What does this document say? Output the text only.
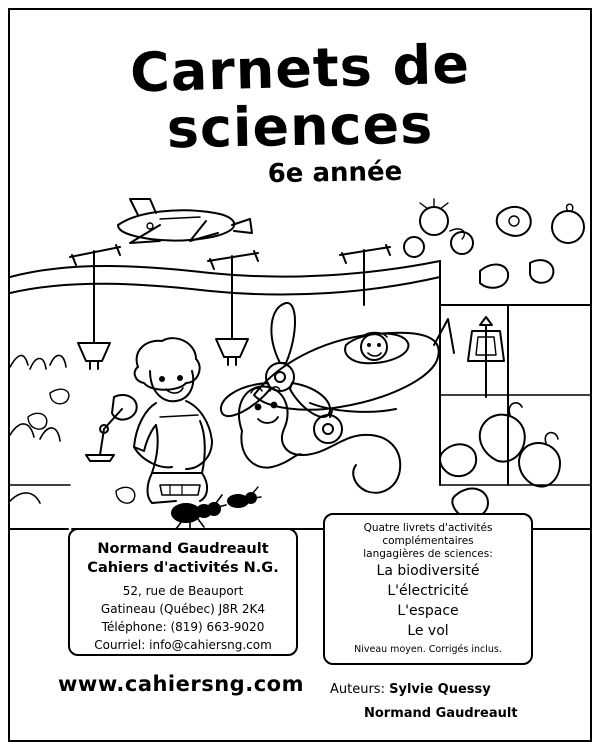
Carnets de
sciences
6e année
Normand Gaudreault
Cahiers d'activités N.G.
52, rue de Beauport
Gatineau (Québec) J8R 2K4
Téléphone: (819) 663-9020
Courriel: info@cahiersng.com
Quatre livrets d'activités
complémentaires
langagières de sciences:
La biodiversité
L'électricité
L'espace
Le vol
Niveau moyen. Corrigés inclus.
www.cahiersng.com	Auteurs: Sylvie Quessy
Normand Gaudreault
